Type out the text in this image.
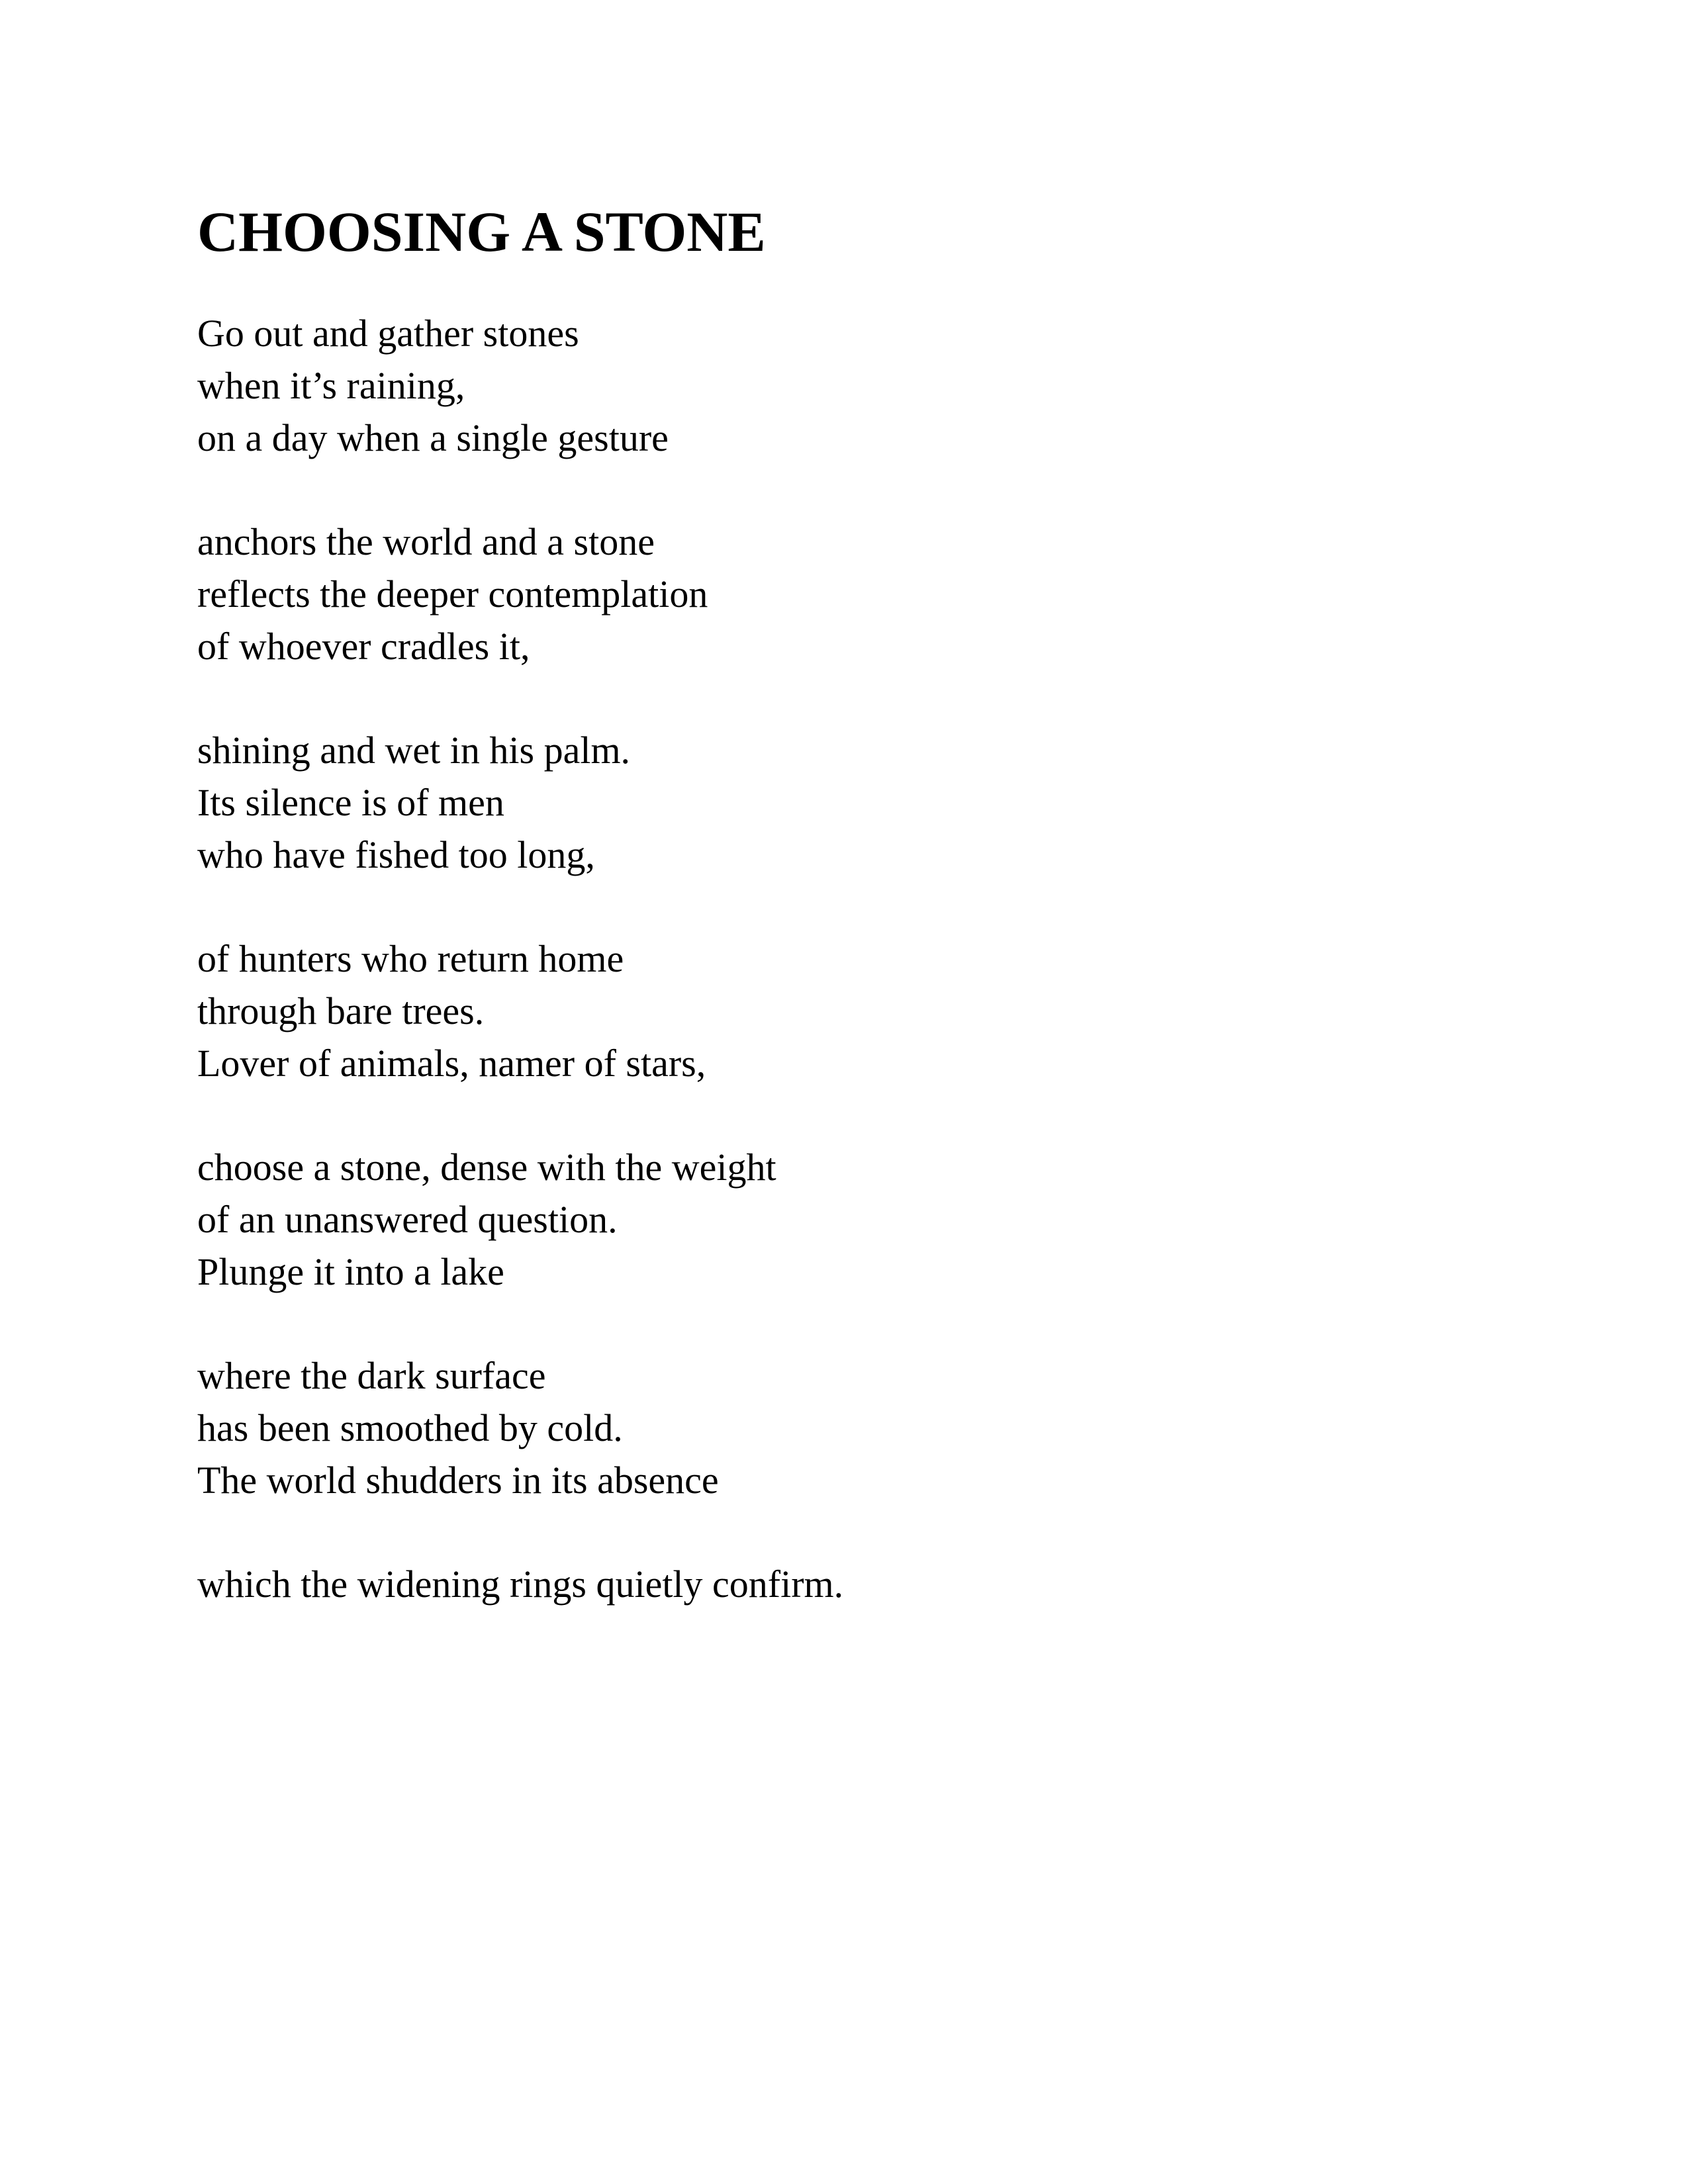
CHOOSING A STONE
Go out and gather stones
when it’s raining,
on a day when a single gesture
anchors the world and a stone
reflects the deeper contemplation
of whoever cradles it,
shining and wet in his palm.
Its silence is of men
who have fished too long,
of hunters who return home
through bare trees.
Lover of animals, namer of stars,
choose a stone, dense with the weight
of an unanswered question.
Plunge it into a lake
where the dark surface
has been smoothed by cold.
The world shudders in its absence
which the widening rings quietly confirm.
